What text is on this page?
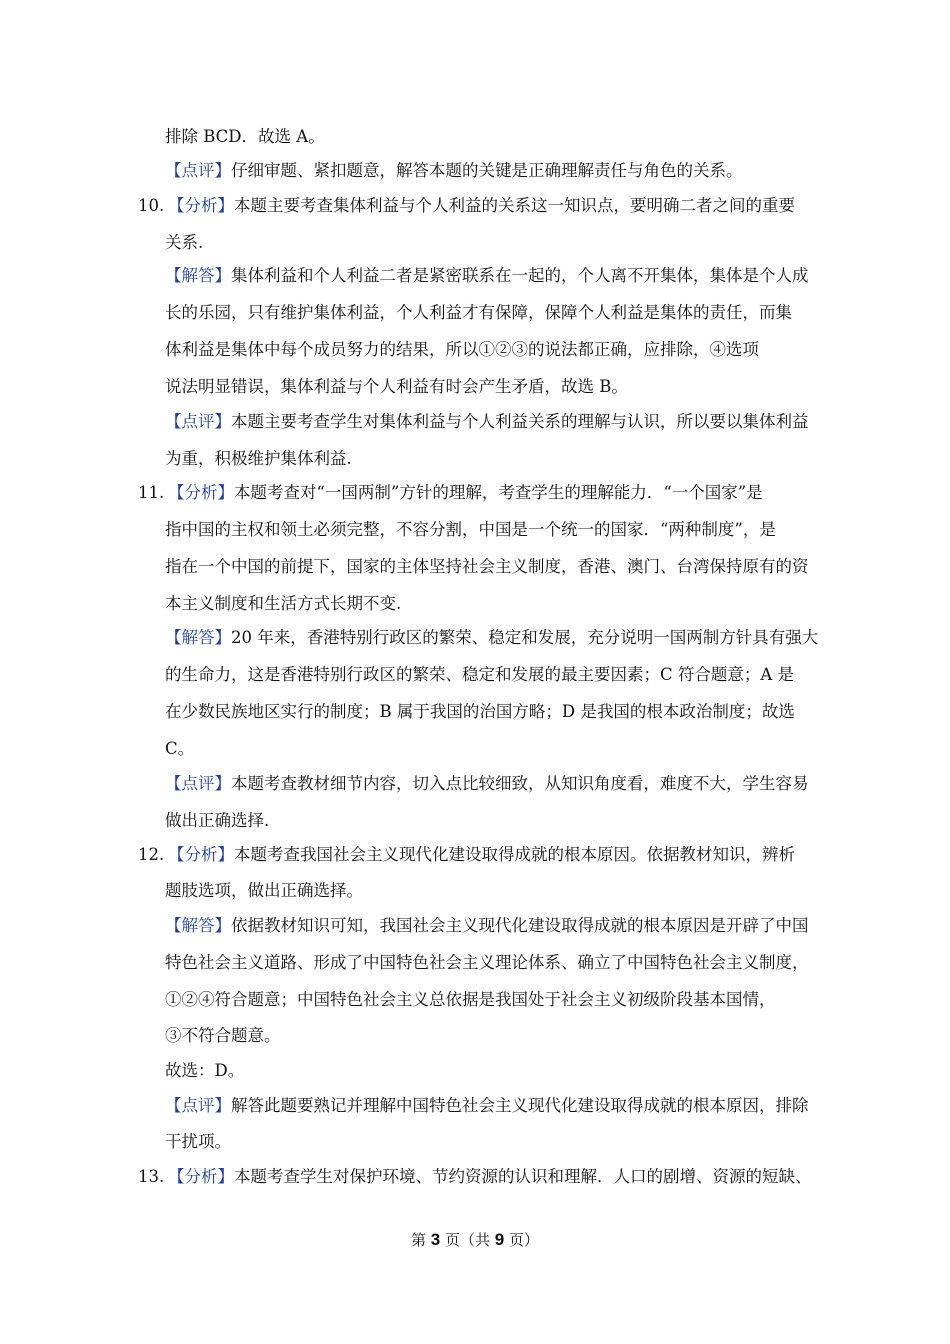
排除 BCD．故选 A。
【点评】仔细审题、紧扣题意，解答本题的关键是正确理解责任与角色的关系。
10. 【分析】本题主要考查集体利益与个人利益的关系这一知识点，要明确二者之间的重要
关系.
【解答】集体利益和个人利益二者是紧密联系在一起的，个人离不开集体，集体是个人成
长的乐园，只有维护集体利益，个人利益才有保障，保障个人利益是集体的责任，而集
体利益是集体中每个成员努力的结果，所以①②③的说法都正确，应排除，④选项
说法明显错误，集体利益与个人利益有时会产生矛盾，故选 B。
【点评】本题主要考查学生对集体利益与个人利益关系的理解与认识，所以要以集体利益
为重，积极维护集体利益.
11. 【分析】本题考查对“一国两制”方针的理解，考查学生的理解能力．“一个国家”是
指中国的主权和领土必须完整，不容分割，中国是一个统一的国家．“两种制度”，是
指在一个中国的前提下，国家的主体坚持社会主义制度，香港、澳门、台湾保持原有的资
本主义制度和生活方式长期不变.
【解答】20 年来，香港特别行政区的繁荣、稳定和发展，充分说明一国两制方针具有强大
的生命力，这是香港特别行政区的繁荣、稳定和发展的最主要因素；C 符合题意；A 是
在少数民族地区实行的制度；B 属于我国的治国方略；D 是我国的根本政治制度；故选
C。
【点评】本题考查教材细节内容，切入点比较细致，从知识角度看，难度不大，学生容易
做出正确选择.
12. 【分析】本题考查我国社会主义现代化建设取得成就的根本原因。依据教材知识，辨析
题肢选项，做出正确选择。
【解答】依据教材知识可知，我国社会主义现代化建设取得成就的根本原因是开辟了中国
特色社会主义道路、形成了中国特色社会主义理论体系、确立了中国特色社会主义制度，
①②④符合题意；中国特色社会主义总依据是我国处于社会主义初级阶段基本国情，
③不符合题意。
故选：D。
【点评】解答此题要熟记并理解中国特色社会主义现代化建设取得成就的根本原因，排除
干扰项。
13. 【分析】本题考查学生对保护环境、节约资源的认识和理解．人口的剧增、资源的短缺、
第 3 页（共 9 页）
